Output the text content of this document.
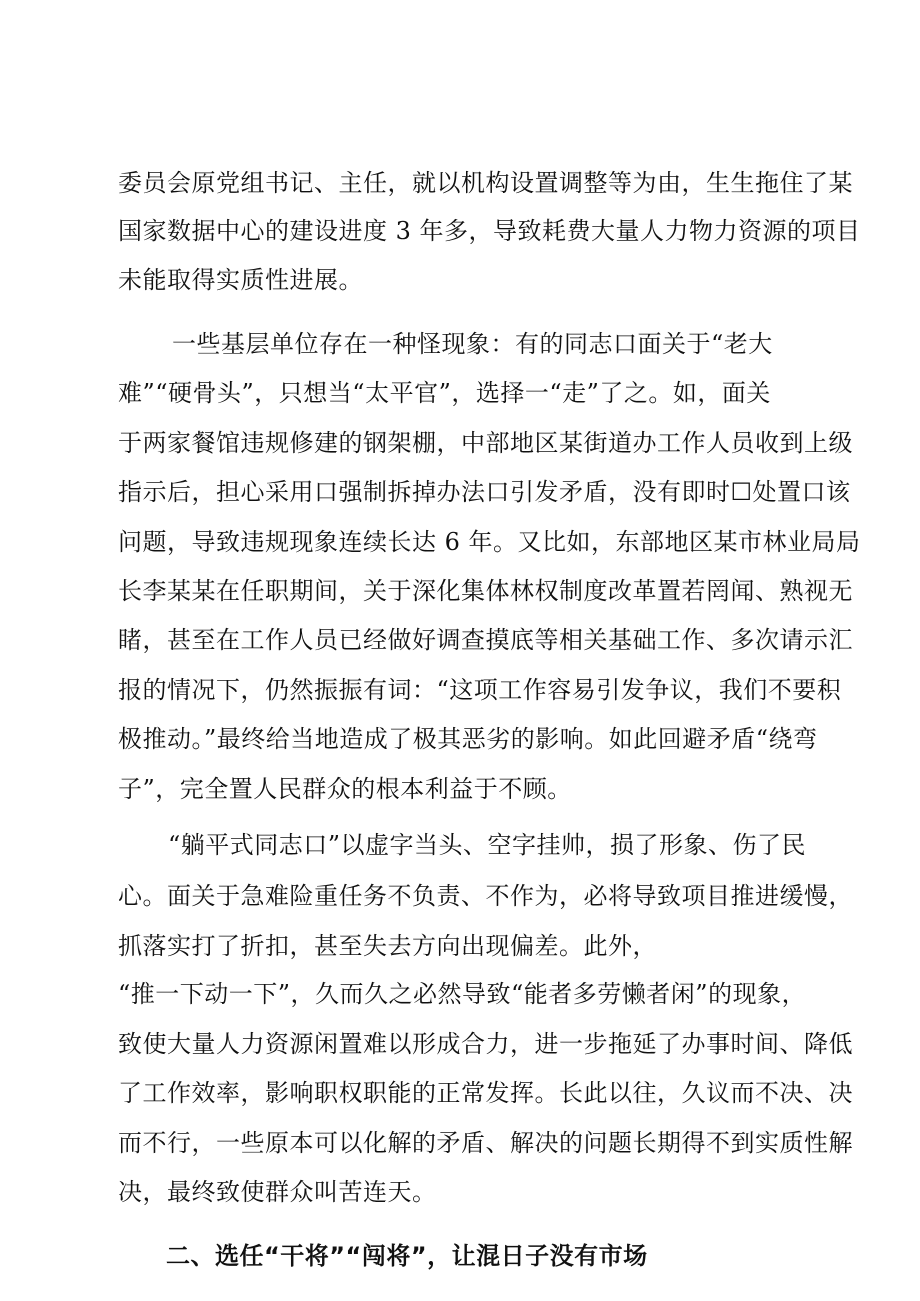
委员会原党组书记、主任，就以机构设置调整等为由，生生拖住了某
国家数据中心的建设进度 3 年多，导致耗费大量人力物力资源的项目
未能取得实质性进展。
一些基层单位存在一种怪现象：有的同志口面关于“老大
难”“硬骨头”，只想当“太平官”，选择一“走”了之。如，面关
于两家餐馆违规修建的钢架棚，中部地区某街道办工作人员收到上级
指示后，担心采用口强制拆掉办法口引发矛盾，没有即时☐处置口该
问题，导致违规现象连续长达 6 年。又比如，东部地区某市林业局局
长李某某在任职期间，关于深化集体林权制度改革置若罔闻、熟视无
睹，甚至在工作人员已经做好调查摸底等相关基础工作、多次请示汇
报的情况下，仍然振振有词：“这项工作容易引发争议，我们不要积
极推动。”最终给当地造成了极其恶劣的影响。如此回避矛盾“绕弯
子”，完全置人民群众的根本利益于不顾。
“躺平式同志口”以虚字当头、空字挂帅，损了形象、伤了民
心。面关于急难险重任务不负责、不作为，必将导致项目推进缓慢，
抓落实打了折扣，甚至失去方向出现偏差。此外，
“推一下动一下”，久而久之必然导致“能者多劳懒者闲”的现象，
致使大量人力资源闲置难以形成合力，进一步拖延了办事时间、降低
了工作效率，影响职权职能的正常发挥。长此以往，久议而不决、决
而不行，一些原本可以化解的矛盾、解决的问题长期得不到实质性解
决，最终致使群众叫苦连天。
二、选任“干将”“闯将”，让混日子没有市场
